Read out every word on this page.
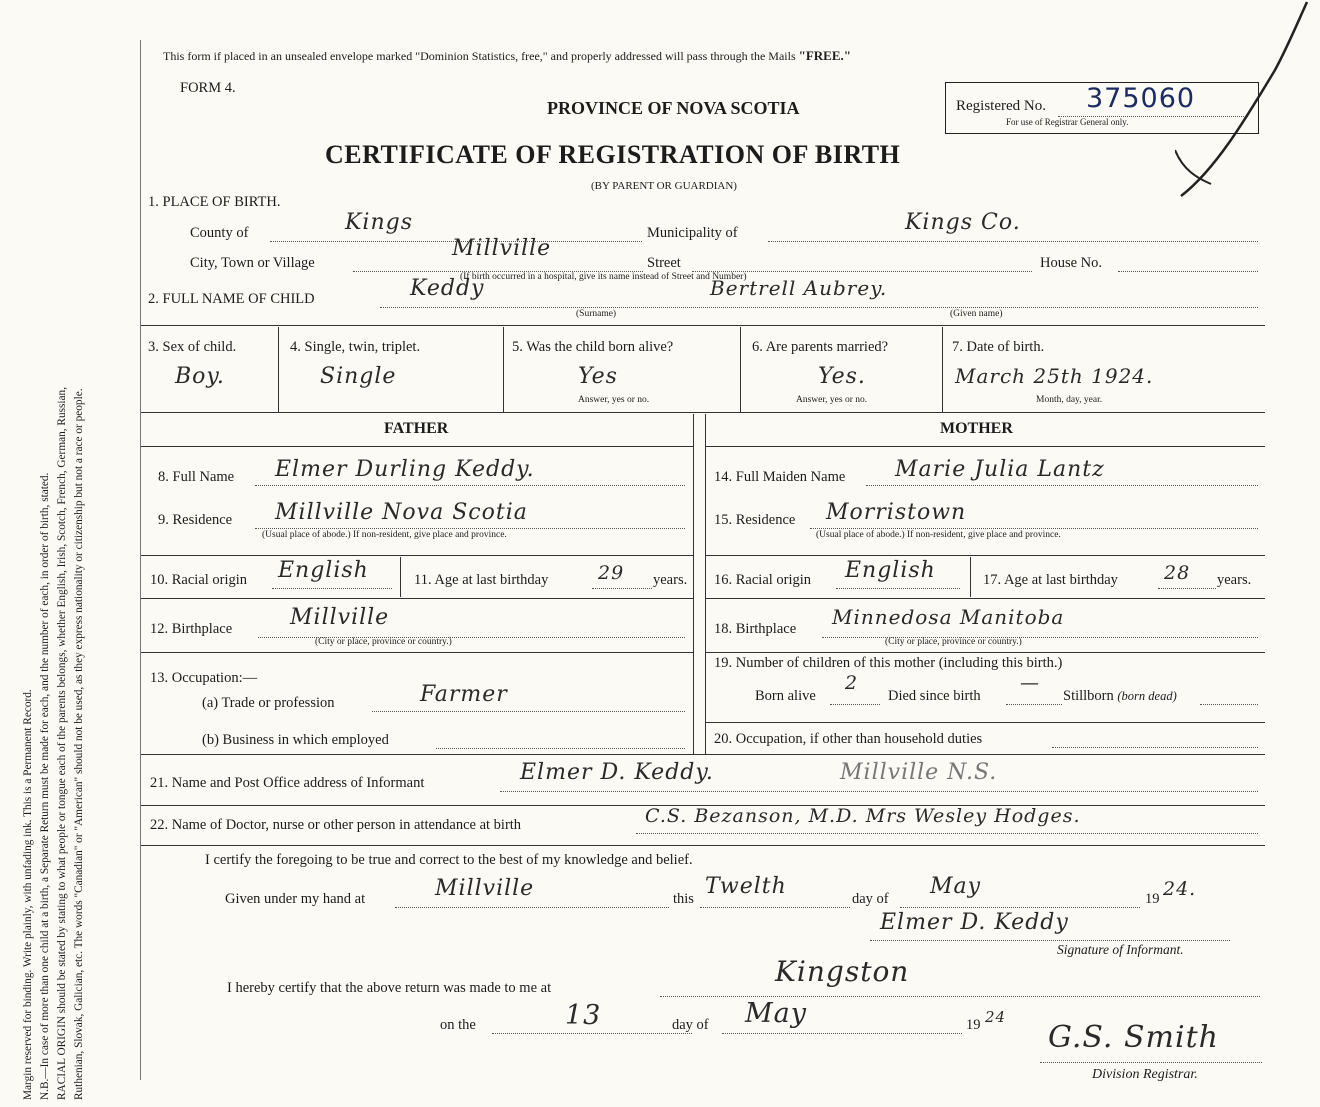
Margin reserved for binding. Write plainly, with unfading ink. This is a Permanent Record. N.B.—In case of more than one child at a birth, a Separate Return must be made for each, and the number of each, in order of birth, stated. RACIAL ORIGIN should be stated by stating to what people or tongue each of the parents belongs, whether English, Irish, Scotch, French, German, Russian, Ruthenian, Slovak, Galician, etc. The words "Canadian" or "American" should not be used, as they express nationality or citizenship but not a race or people.
This form if placed in an unsealed envelope marked "Dominion Statistics, free," and properly addressed will pass through the Mails "FREE."
FORM 4.
PROVINCE OF NOVA SCOTIA
CERTIFICATE OF REGISTRATION OF BIRTH
(BY PARENT OR GUARDIAN)
Registered No. 375060
For use of Registrar General only.
1. PLACE OF BIRTH.
County of	Kings	Municipality of	Kings Co.
City, Town or Village
Millville
Street	House No.
(If birth occurred in a hospital, give its name instead of Street and Number)
2. FULL NAME OF CHILD	Keddy	Bertrell Aubrey.
(Surname)	(Given name)
3. Sex of child.
Boy.
4. Single, twin, triplet.
Single
5. Was the child born alive?
Yes
Answer, yes or no.
6. Are parents married?
Yes.
Answer, yes or no.
7. Date of birth.
March 25th 1924.
Month, day, year.
FATHER	MOTHER
8. Full Name Elmer Durling Keddy.
9. Residence Millville Nova Scotia
(Usual place of abode.) If non-resident, give place and province.
10. Racial origin English	11. Age at last birthday	29 years.
12. Birthplace	Millville
(City or place, province or country.)
13. Occupation:—
(a) Trade or profession	Farmer
(b) Business in which employed
14. Full Maiden Name Marie Julia Lantz
15. Residence Morristown
(Usual place of abode.) If non-resident, give place and province.
16. Racial origin English	17. Age at last birthday 28 years.
18. Birthplace Minnedosa Manitoba
(City or place, province or country.)
19. Number of children of this mother (including this birth.)
Born alive
2
Died since birth
—
Stillborn (born dead)
20. Occupation, if other than household duties
21. Name and Post Office address of Informant	Elmer D. Keddy.	Millville N.S.
22. Name of Doctor, nurse or other person in attendance at birth	C.S. Bezanson, M.D. Mrs Wesley Hodges.
I certify the foregoing to be true and correct to the best of my knowledge and belief.
Given under my hand at	Millville	this Twelth	day of May	19 24.
Elmer D. Keddy
Signature of Informant.
I hereby certify that the above return was made to me at	Kingston
on the	13	day of May	19 24
G.S. Smith
Division Registrar.
